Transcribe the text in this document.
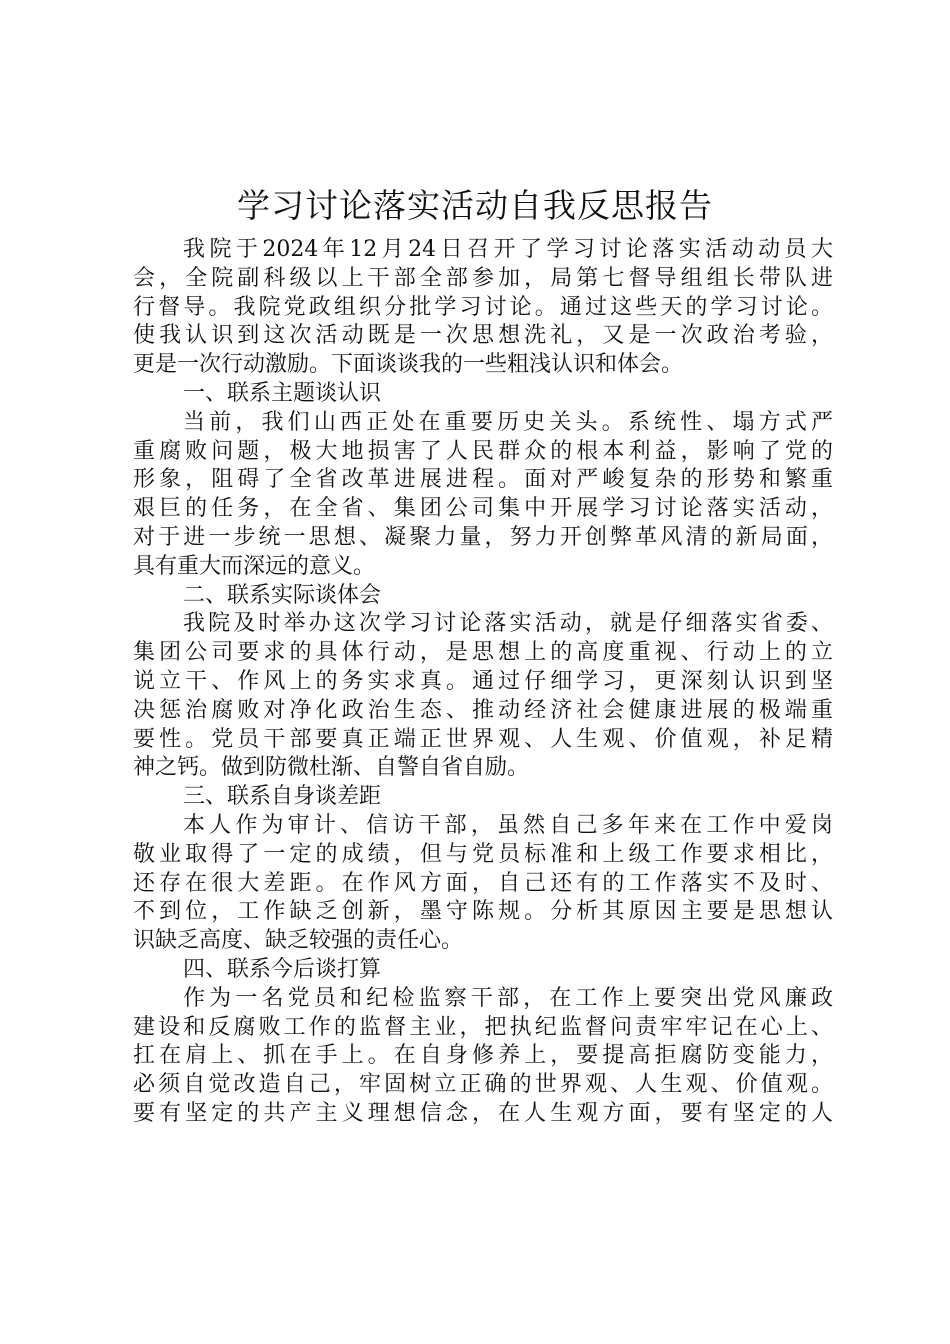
学习讨论落实活动自我反思报告

我院于2024年12月24日召开了学习讨论落实活动动员大
会，全院副科级以上干部全部参加，局第七督导组组长带队进
行督导。我院党政组织分批学习讨论。通过这些天的学习讨论。
使我认识到这次活动既是一次思想洗礼，又是一次政治考验，
更是一次行动激励。下面谈谈我的一些粗浅认识和体会。

一、联系主题谈认识

当前，我们山西正处在重要历史关头。系统性、塌方式严
重腐败问题，极大地损害了人民群众的根本利益，影响了党的
形象，阻碍了全省改革进展进程。面对严峻复杂的形势和繁重
艰巨的任务，在全省、集团公司集中开展学习讨论落实活动，
对于进一步统一思想、凝聚力量，努力开创弊革风清的新局面，
具有重大而深远的意义。

二、联系实际谈体会

我院及时举办这次学习讨论落实活动，就是仔细落实省委、
集团公司要求的具体行动，是思想上的高度重视、行动上的立
说立干、作风上的务实求真。通过仔细学习，更深刻认识到坚
决惩治腐败对净化政治生态、推动经济社会健康进展的极端重
要性。党员干部要真正端正世界观、人生观、价值观，补足精
神之钙。做到防微杜渐、自警自省自励。

三、联系自身谈差距

本人作为审计、信访干部，虽然自己多年来在工作中爱岗
敬业取得了一定的成绩，但与党员标准和上级工作要求相比，
还存在很大差距。在作风方面，自己还有的工作落实不及时、
不到位，工作缺乏创新，墨守陈规。分析其原因主要是思想认
识缺乏高度、缺乏较强的责任心。

四、联系今后谈打算

作为一名党员和纪检监察干部，在工作上要突出党风廉政
建设和反腐败工作的监督主业，把执纪监督问责牢牢记在心上、
扛在肩上、抓在手上。在自身修养上，要提高拒腐防变能力，
必须自觉改造自己，牢固树立正确的世界观、人生观、价值观。
要有坚定的共产主义理想信念，在人生观方面，要有坚定的人
